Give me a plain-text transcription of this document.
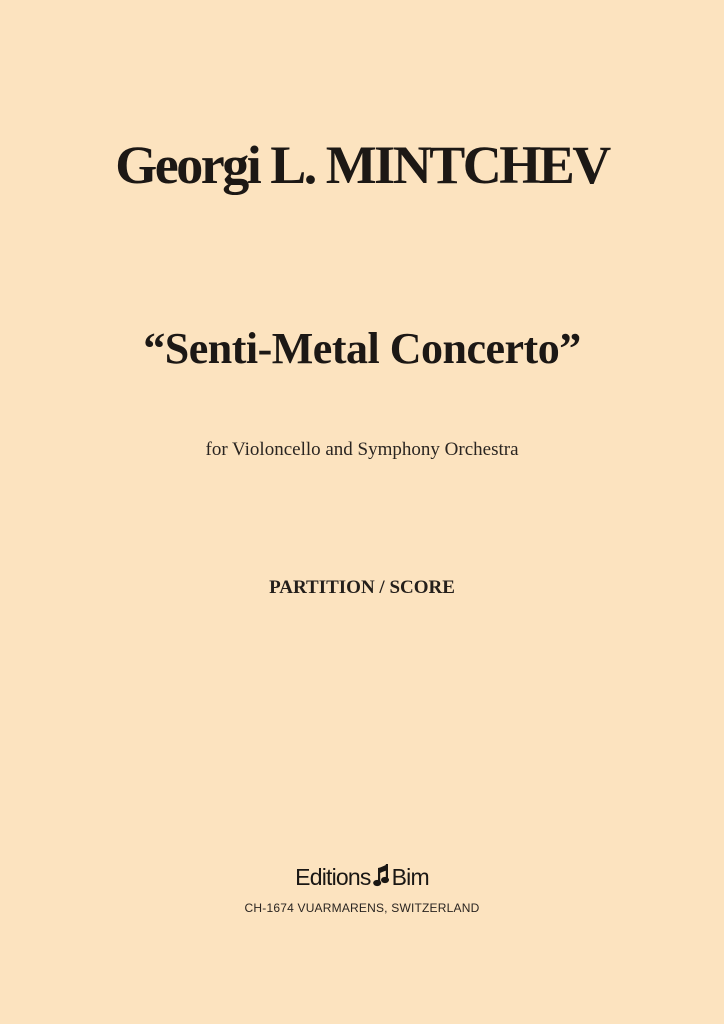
Georgi L. MINTCHEV
“Senti-Metal Concerto”
for Violoncello and Symphony Orchestra
PARTITION / SCORE
Editions Bim
CH-1674 VUARMARENS, SWITZERLAND
